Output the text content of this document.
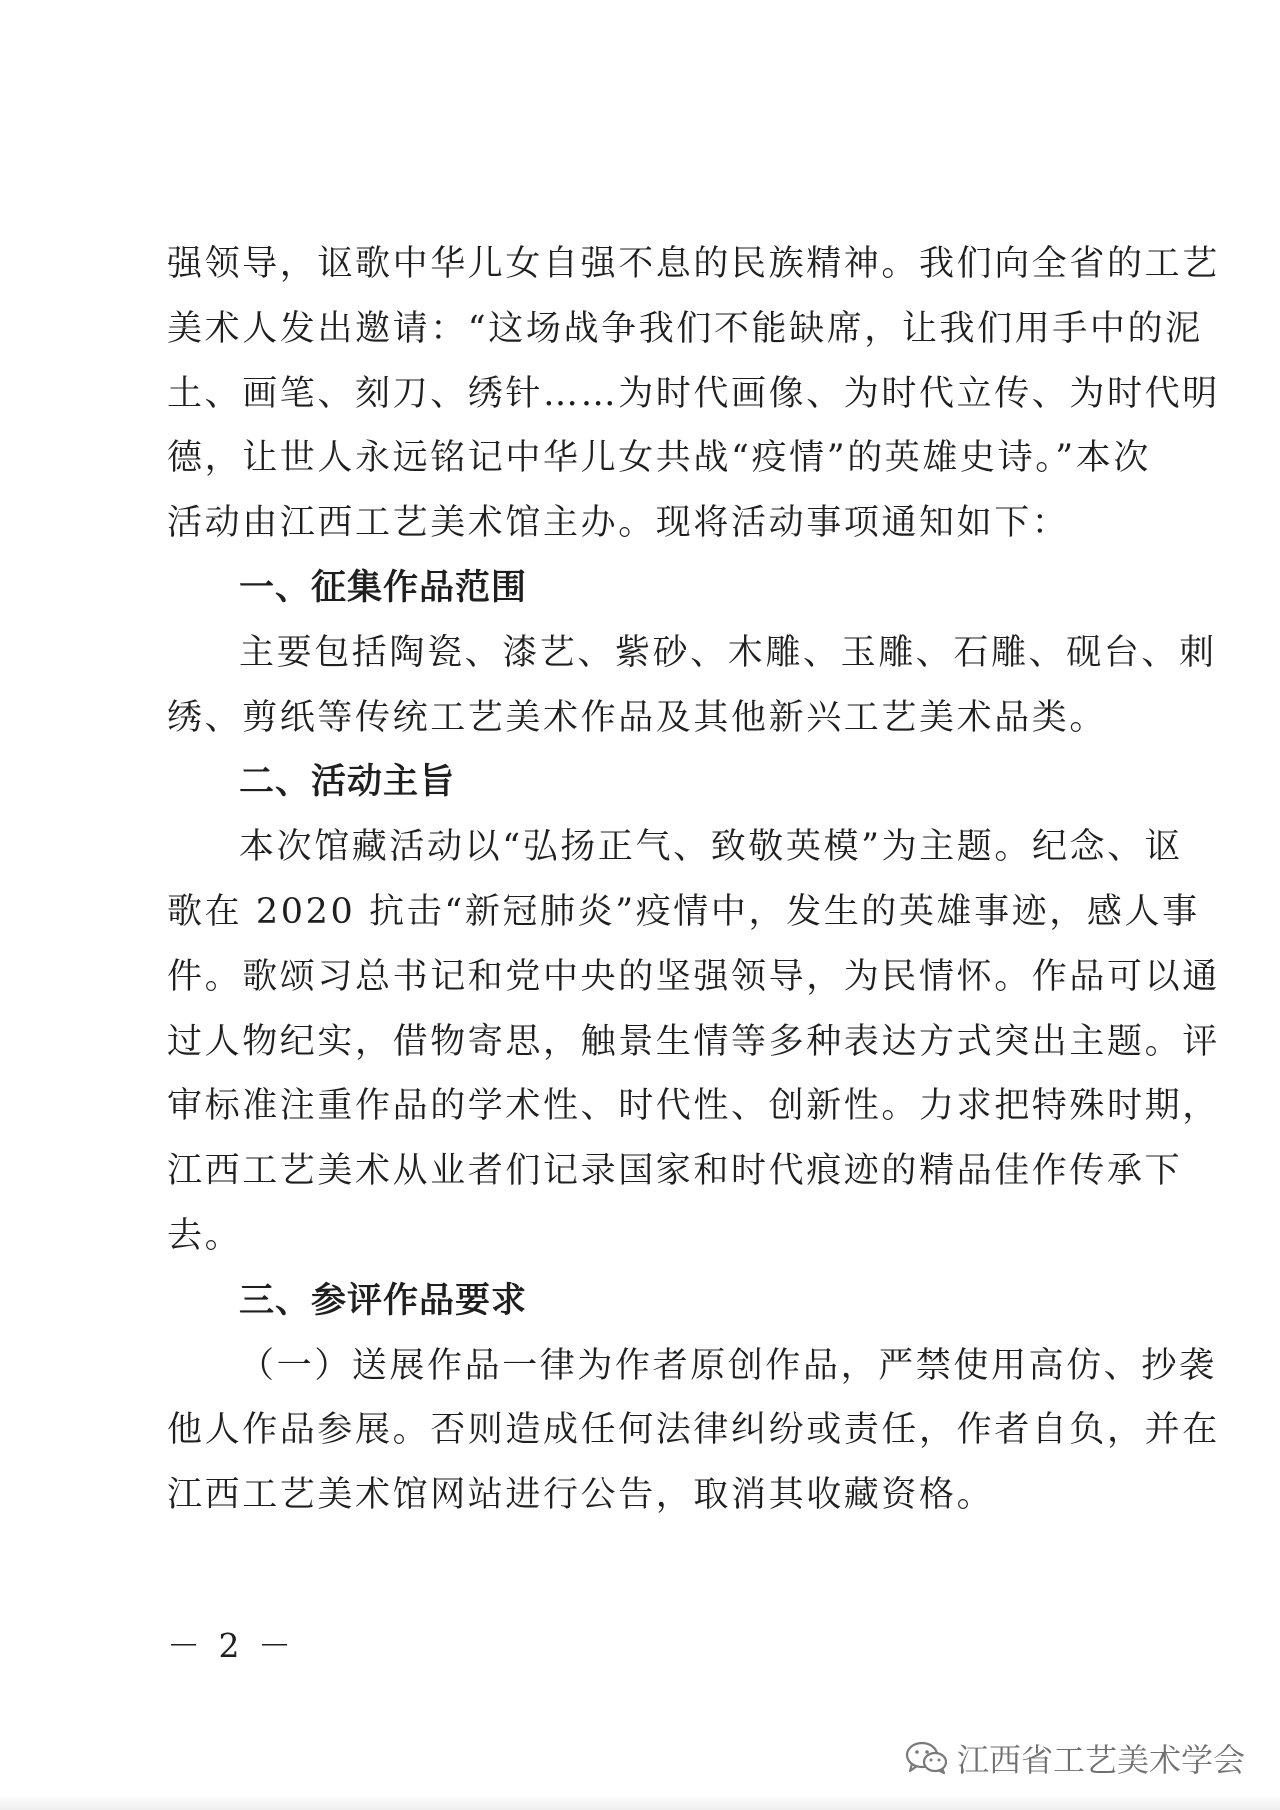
强领导，讴歌中华儿女自强不息的民族精神。我们向全省的工艺

美术人发出邀请：“这场战争我们不能缺席，让我们用手中的泥

土、画笔、刻刀、绣针……为时代画像、为时代立传、为时代明

德，让世人永远铭记中华儿女共战“疫情”的英雄史诗。”本次

活动由江西工艺美术馆主办。现将活动事项通知如下：

一、征集作品范围

主要包括陶瓷、漆艺、紫砂、木雕、玉雕、石雕、砚台、刺

绣、剪纸等传统工艺美术作品及其他新兴工艺美术品类。

二、活动主旨

本次馆藏活动以“弘扬正气、致敬英模”为主题。纪念、讴

歌在 2020 抗击“新冠肺炎”疫情中，发生的英雄事迹，感人事

件。歌颂习总书记和党中央的坚强领导，为民情怀。作品可以通

过人物纪实，借物寄思，触景生情等多种表达方式突出主题。评

审标准注重作品的学术性、时代性、创新性。力求把特殊时期，

江西工艺美术从业者们记录国家和时代痕迹的精品佳作传承下

去。

三、参评作品要求

（一）送展作品一律为作者原创作品，严禁使用高仿、抄袭

他人作品参展。否则造成任何法律纠纷或责任，作者自负，并在

江西工艺美术馆网站进行公告，取消其收藏资格。

－ 2 －
江西省工艺美术学会
